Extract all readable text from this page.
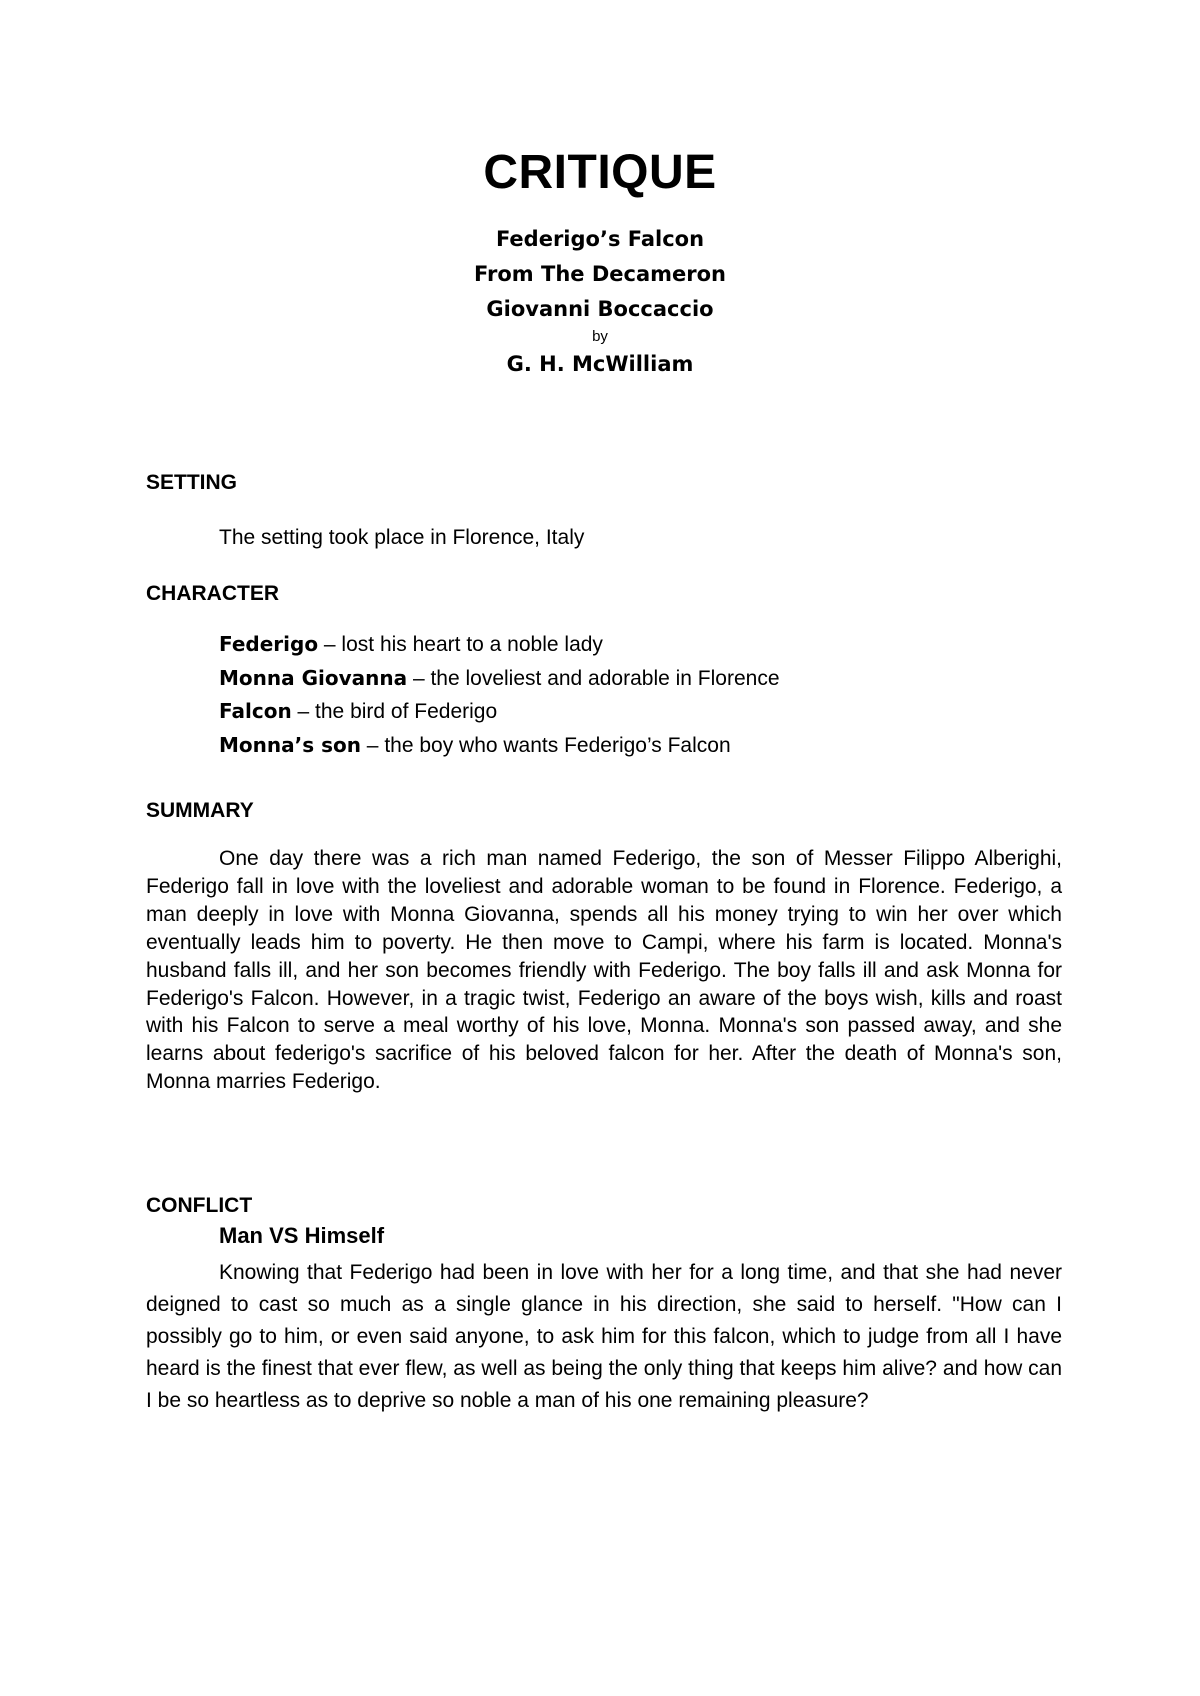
CRITIQUE
Federigo’s Falcon
From The Decameron
Giovanni Boccaccio
by
G. H. McWilliam
SETTING
The setting took place in Florence, Italy
CHARACTER
Federigo – lost his heart to a noble lady
Monna Giovanna – the loveliest and adorable in Florence
Falcon – the bird of Federigo
Monna’s son – the boy who wants Federigo’s Falcon
SUMMARY

One day there was a rich man named Federigo, the son of Messer Filippo Alberighi, Federigo fall in love with the loveliest and adorable woman to be found in Florence. Federigo, a man deeply in love with Monna Giovanna, spends all his money trying to win her over which eventually leads him to poverty. He then move to Campi, where his farm is located. Monna's husband falls ill, and her son becomes friendly with Federigo. The boy falls ill and ask Monna for Federigo's Falcon. However, in a tragic twist, Federigo an aware of the boys wish, kills and roast with his Falcon to serve a meal worthy of his love, Monna. Monna's son passed away, and she learns about federigo's sacrifice of his beloved falcon for her. After the death of Monna's son, Monna marries Federigo.

CONFLICT
Man VS Himself

Knowing that Federigo had been in love with her for a long time, and that she had never deigned to cast so much as a single glance in his direction, she said to herself. "How can I possibly go to him, or even said anyone, to ask him for this falcon, which to judge from all I have heard is the finest that ever flew, as well as being the only thing that keeps him alive? and how can I be so heartless as to deprive so noble a man of his one remaining pleasure?
